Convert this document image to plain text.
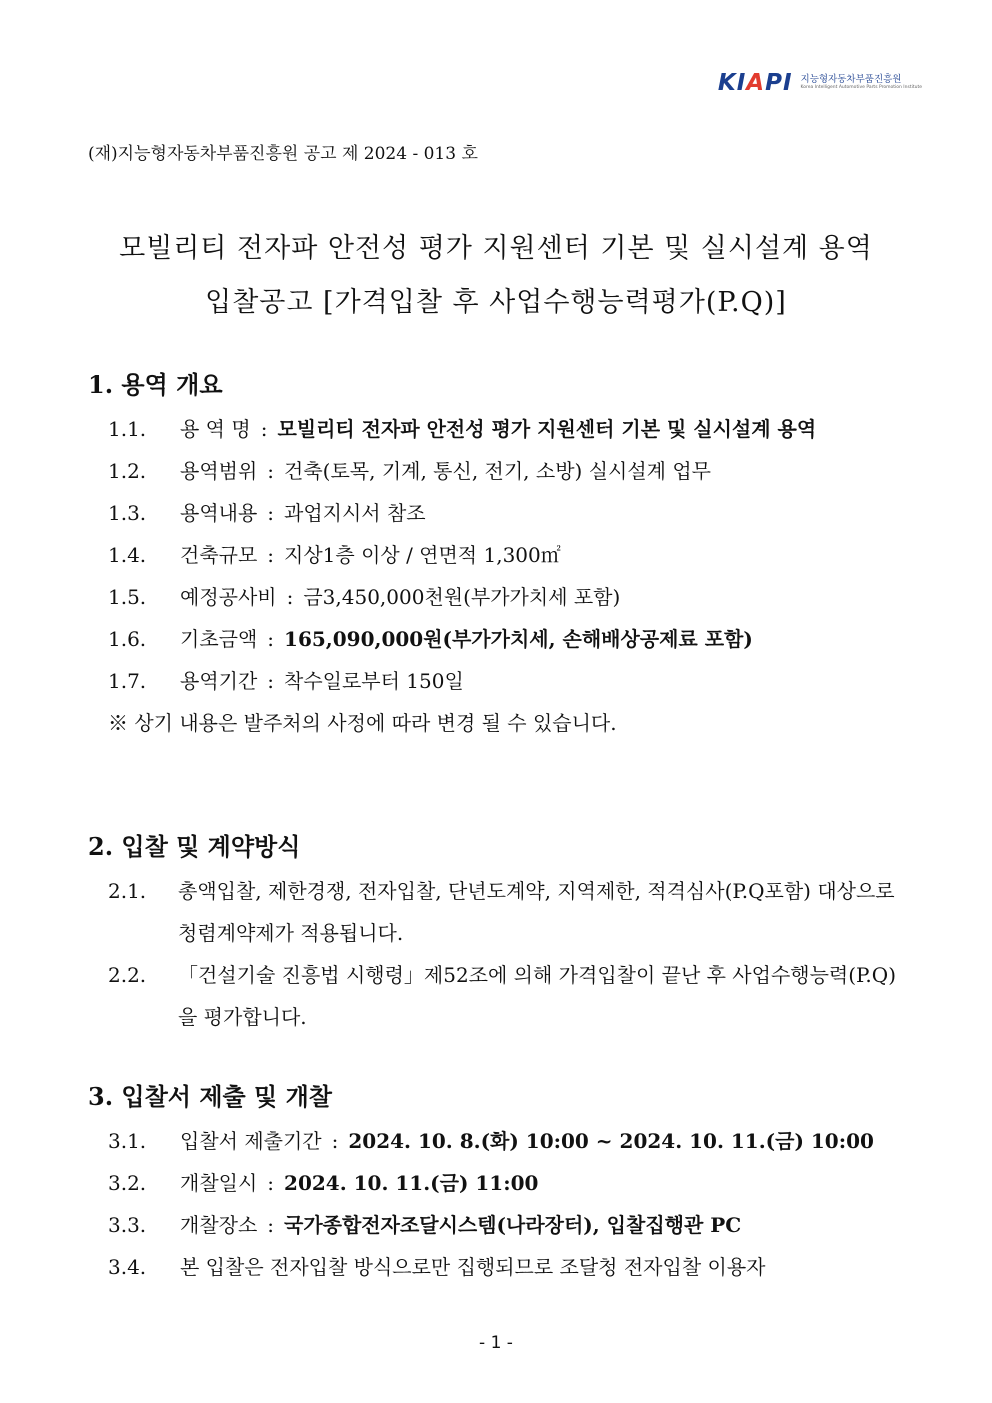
KIAPI 지능형자동차부품진흥원
Korea Intelligent Automotive Parts Promotion Institute
(재)지능형자동차부품진흥원 공고 제 2024 - 013 호
모빌리티 전자파 안전성 평가 지원센터 기본 및 실시설계 용역
입찰공고 [가격입찰 후 사업수행능력평가(P.Q)]
1. 용역 개요
1.1.	용 역 명 : 모빌리티 전자파 안전성 평가 지원센터 기본 및 실시설계 용역
1.2.	용역범위 : 건축(토목, 기계, 통신, 전기, 소방) 실시설계 업무
1.3.	용역내용 : 과업지시서 참조
1.4.	건축규모 : 지상1층 이상 / 연면적 1,300㎡
1.5.	예정공사비 : 금3,450,000천원(부가가치세 포함)
1.6.	기초금액 : 165,090,000원(부가가치세, 손해배상공제료 포함)
1.7.	용역기간 : 착수일로부터 150일
※ 상기 내용은 발주처의 사정에 따라 변경 될 수 있습니다.
2. 입찰 및 계약방식
2.1.	총액입찰, 제한경쟁, 전자입찰, 단년도계약, 지역제한, 적격심사(P.Q포함) 대상으로 청렴계약제가 적용됩니다.
2.2.	「건설기술 진흥법 시행령」제52조에 의해 가격입찰이 끝난 후 사업수행능력(P.Q)을 평가합니다.
3. 입찰서 제출 및 개찰
3.1.	입찰서 제출기간 : 2024. 10. 8.(화) 10:00 ~ 2024. 10. 11.(금) 10:00
3.2.	개찰일시 : 2024. 10. 11.(금) 11:00
3.3.	개찰장소 : 국가종합전자조달시스템(나라장터), 입찰집행관 PC
3.4.	본 입찰은 전자입찰 방식으로만 집행되므로 조달청 전자입찰 이용자
- 1 -
